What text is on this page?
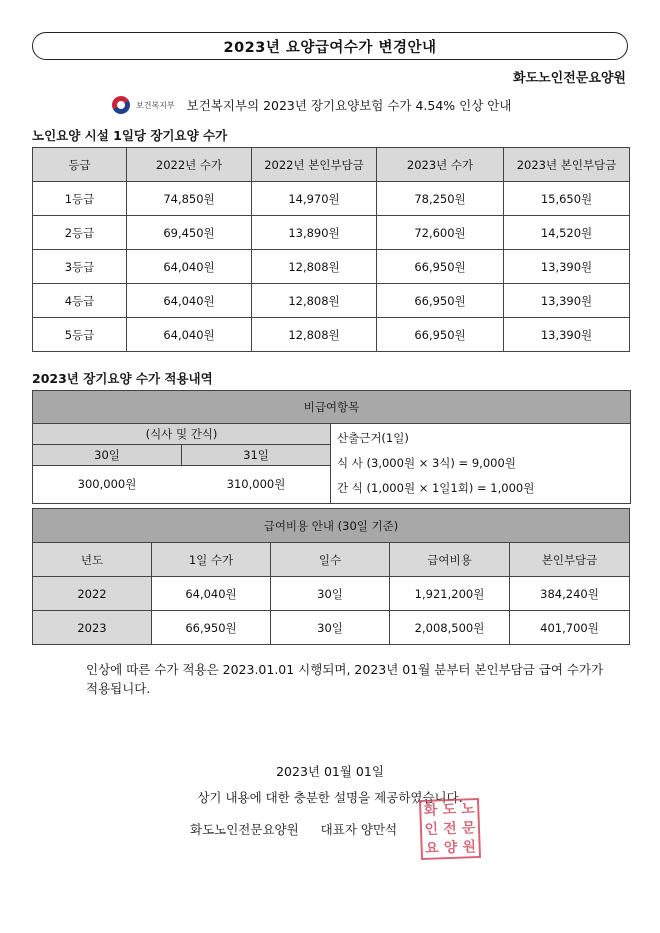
2023년 요양급여수가 변경안내
화도노인전문요양원
보건복지부 보건복지부의 2023년 장기요양보험 수가 4.54% 인상 안내
노인요양 시설 1일당 장기요양 수가
등급	2022년 수가	2022년 본인부담금	2023년 수가	2023년 본인부담금
1등급	74,850원	14,970원	78,250원	15,650원
2등급	69,450원	13,890원	72,600원	14,520원
3등급	64,040원	12,808원	66,950원	13,390원
4등급	64,040원	12,808원	66,950원	13,390원
5등급	64,040원	12,808원	66,950원	13,390원
2023년 장기요양 수가 적용내역
비급여항목
(식사 및 간식)
30일	31일
300,000원	310,000원
산출근거(1일)
식 사 (3,000원 × 3식) = 9,000원
간 식 (1,000원 × 1일1회) = 1,000원
급여비용 안내 (30일 기준)				
년도	1일 수가	일수	급여비용	본인부담금
2022	64,040원	30일	1,921,200원	384,240원
2023	66,950원	30일	2,008,500원	401,700원
인상에 따른 수가 적용은 2023.01.01 시행되며, 2023년 01월 분부터 본인부담금 급여 수가가 적용됩니다.
2023년 01월 01일
상기 내용에 대한 충분한 설명을 제공하였습니다.
화도노인전문요양원 대표자 양만석
화 도 노
인 전 문
요 양 원
